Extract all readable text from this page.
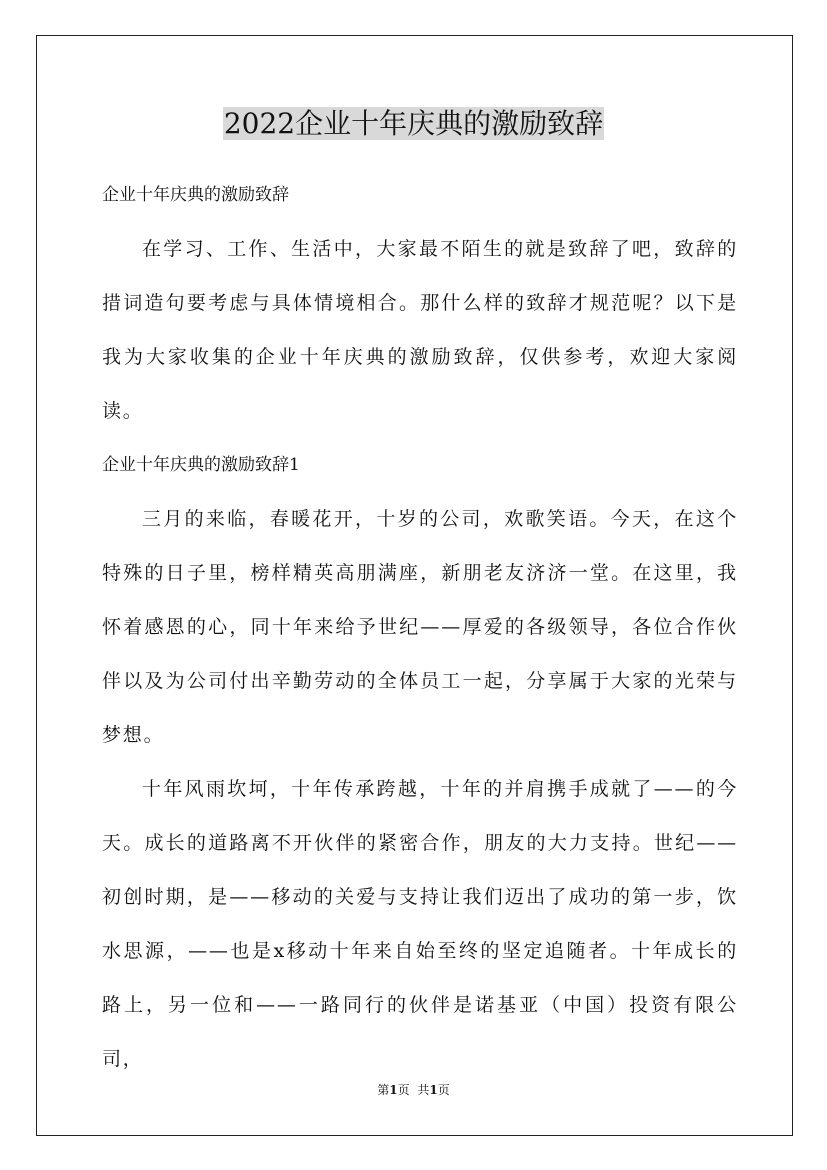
2022企业十年庆典的激励致辞

企业十年庆典的激励致辞

在学习、工作、生活中，大家最不陌生的就是致辞了吧，致辞的措词造句要考虑与具体情境相合。那什么样的致辞才规范呢？以下是我为大家收集的企业十年庆典的激励致辞，仅供参考，欢迎大家阅读。

企业十年庆典的激励致辞1

三月的来临，春暖花开，十岁的公司，欢歌笑语。今天，在这个特殊的日子里，榜样精英高朋满座，新朋老友济济一堂。在这里，我怀着感恩的心，同十年来给予世纪——厚爱的各级领导，各位合作伙伴以及为公司付出辛勤劳动的全体员工一起，分享属于大家的光荣与梦想。

十年风雨坎坷，十年传承跨越，十年的并肩携手成就了——的今天。成长的道路离不开伙伴的紧密合作，朋友的大力支持。世纪——初创时期，是——移动的关爱与支持让我们迈出了成功的第一步，饮水思源，——也是x移动十年来自始至终的坚定追随者。十年成长的路上，另一位和——一路同行的伙伴是诺基亚（中国）投资有限公司，

第1页 共1页
